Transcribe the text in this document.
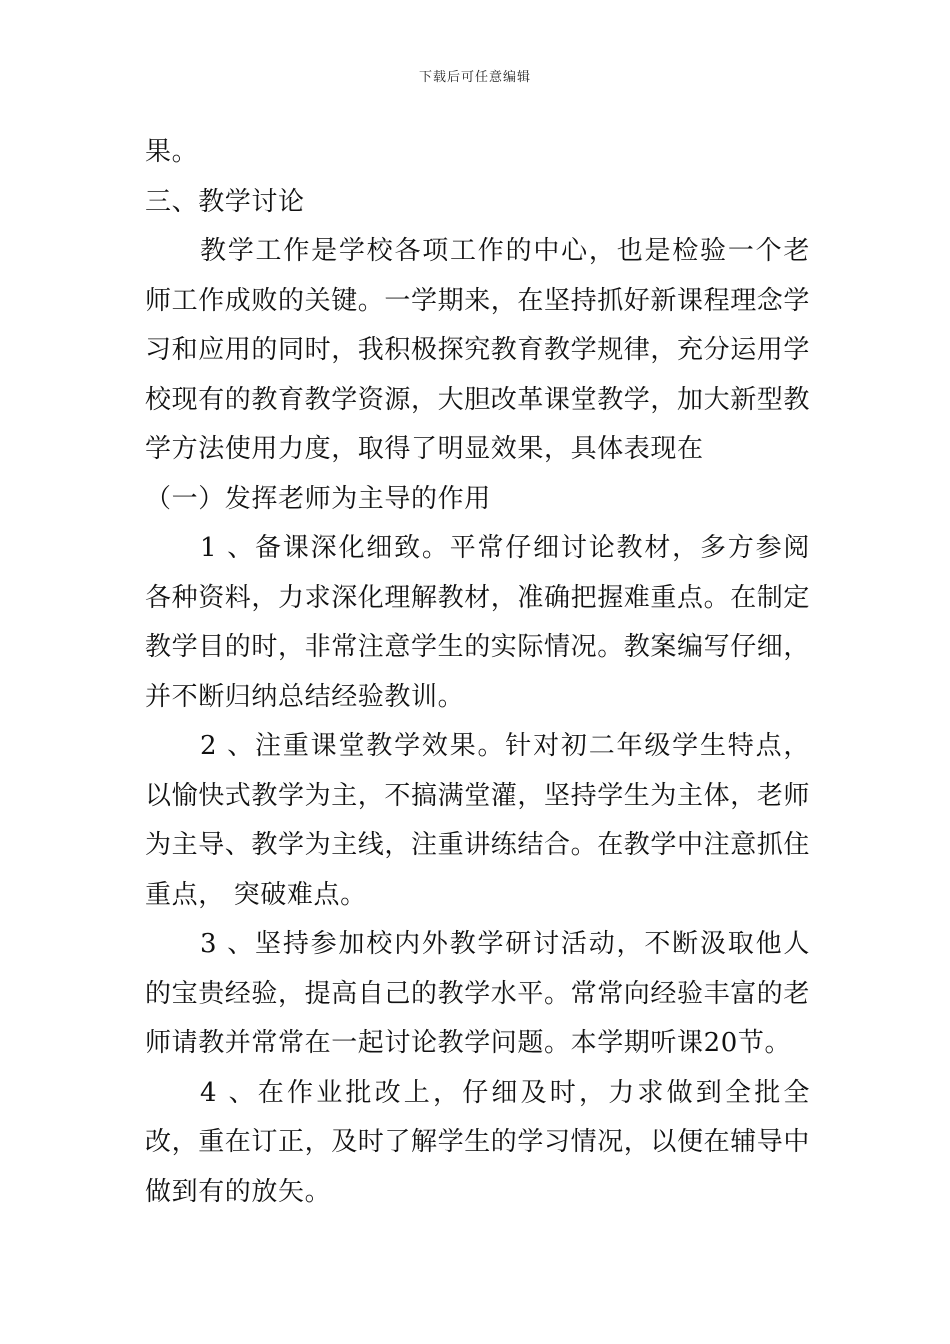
下载后可任意编辑

果。

三、教学讨论

教学工作是学校各项工作的中心，也是检验一个老师工作成败的关键。一学期来，在坚持抓好新课程理念学习和应用的同时，我积极探究教育教学规律，充分运用学校现有的教育教学资源，大胆改革课堂教学，加大新型教学方法使用力度，取得了明显效果，具体表现在

（一）发挥老师为主导的作用

1 、备课深化细致。平常仔细讨论教材，多方参阅各种资料，力求深化理解教材，准确把握难重点。在制定教学目的时，非常注意学生的实际情况。教案编写仔细，并不断归纳总结经验教训。

2 、注重课堂教学效果。针对初二年级学生特点，以愉快式教学为主，不搞满堂灌，坚持学生为主体，老师为主导、教学为主线，注重讲练结合。在教学中注意抓住重点， 突破难点。

3 、坚持参加校内外教学研讨活动，不断汲取他人的宝贵经验，提高自己的教学水平。常常向经验丰富的老师请教并常常在一起讨论教学问题。本学期听课20节。

4 、在作业批改上，仔细及时，力求做到全批全改，重在订正，及时了解学生的学习情况，以便在辅导中做到有的放矢。
